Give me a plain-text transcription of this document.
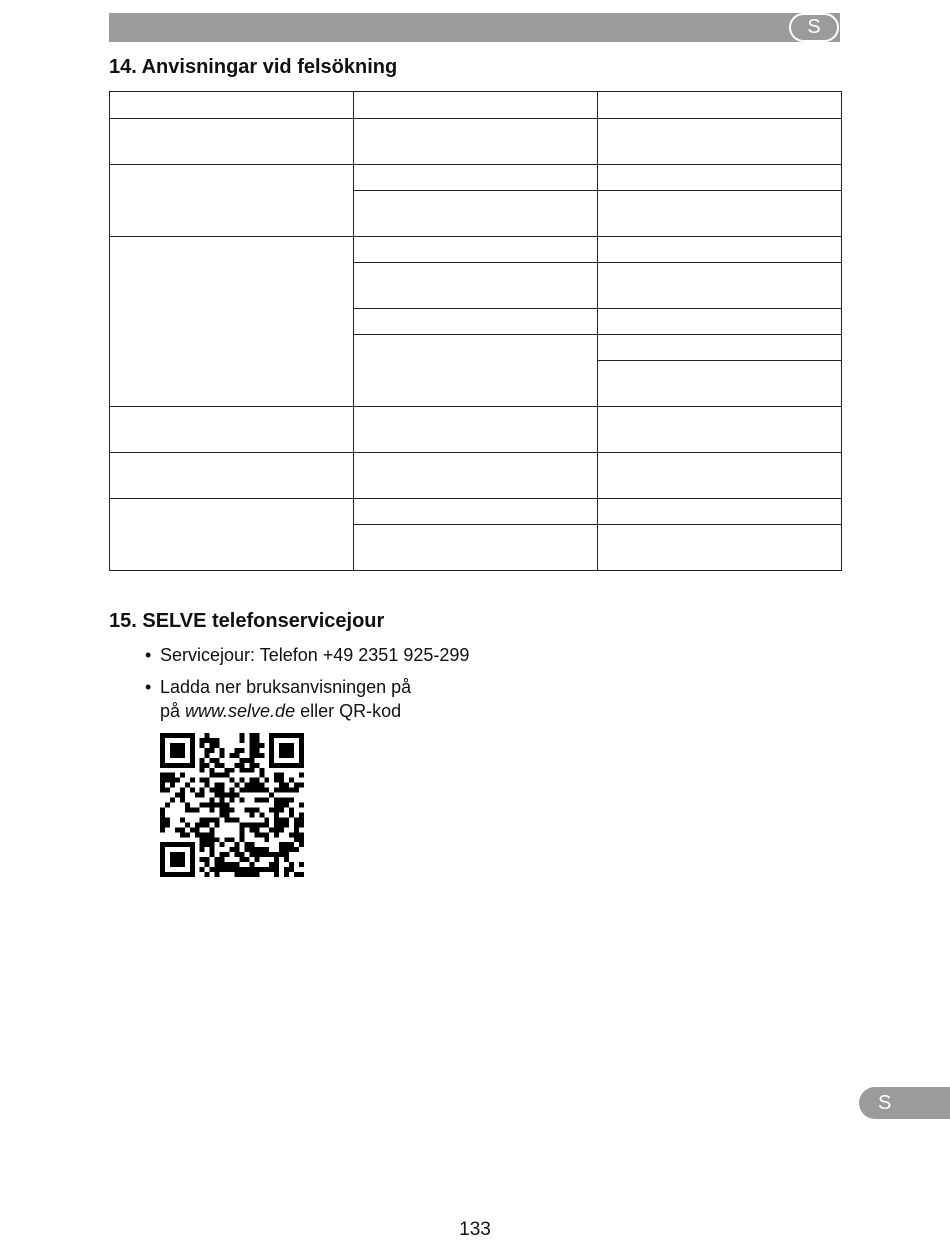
S
14. Anvisningar vid felsökning

15. SELVE telefonservicejour
• Servicejour: Telefon +49 2351 925-299
• Ladda ner bruksanvisningen på
på www.selve.de eller QR-kod
S
133
